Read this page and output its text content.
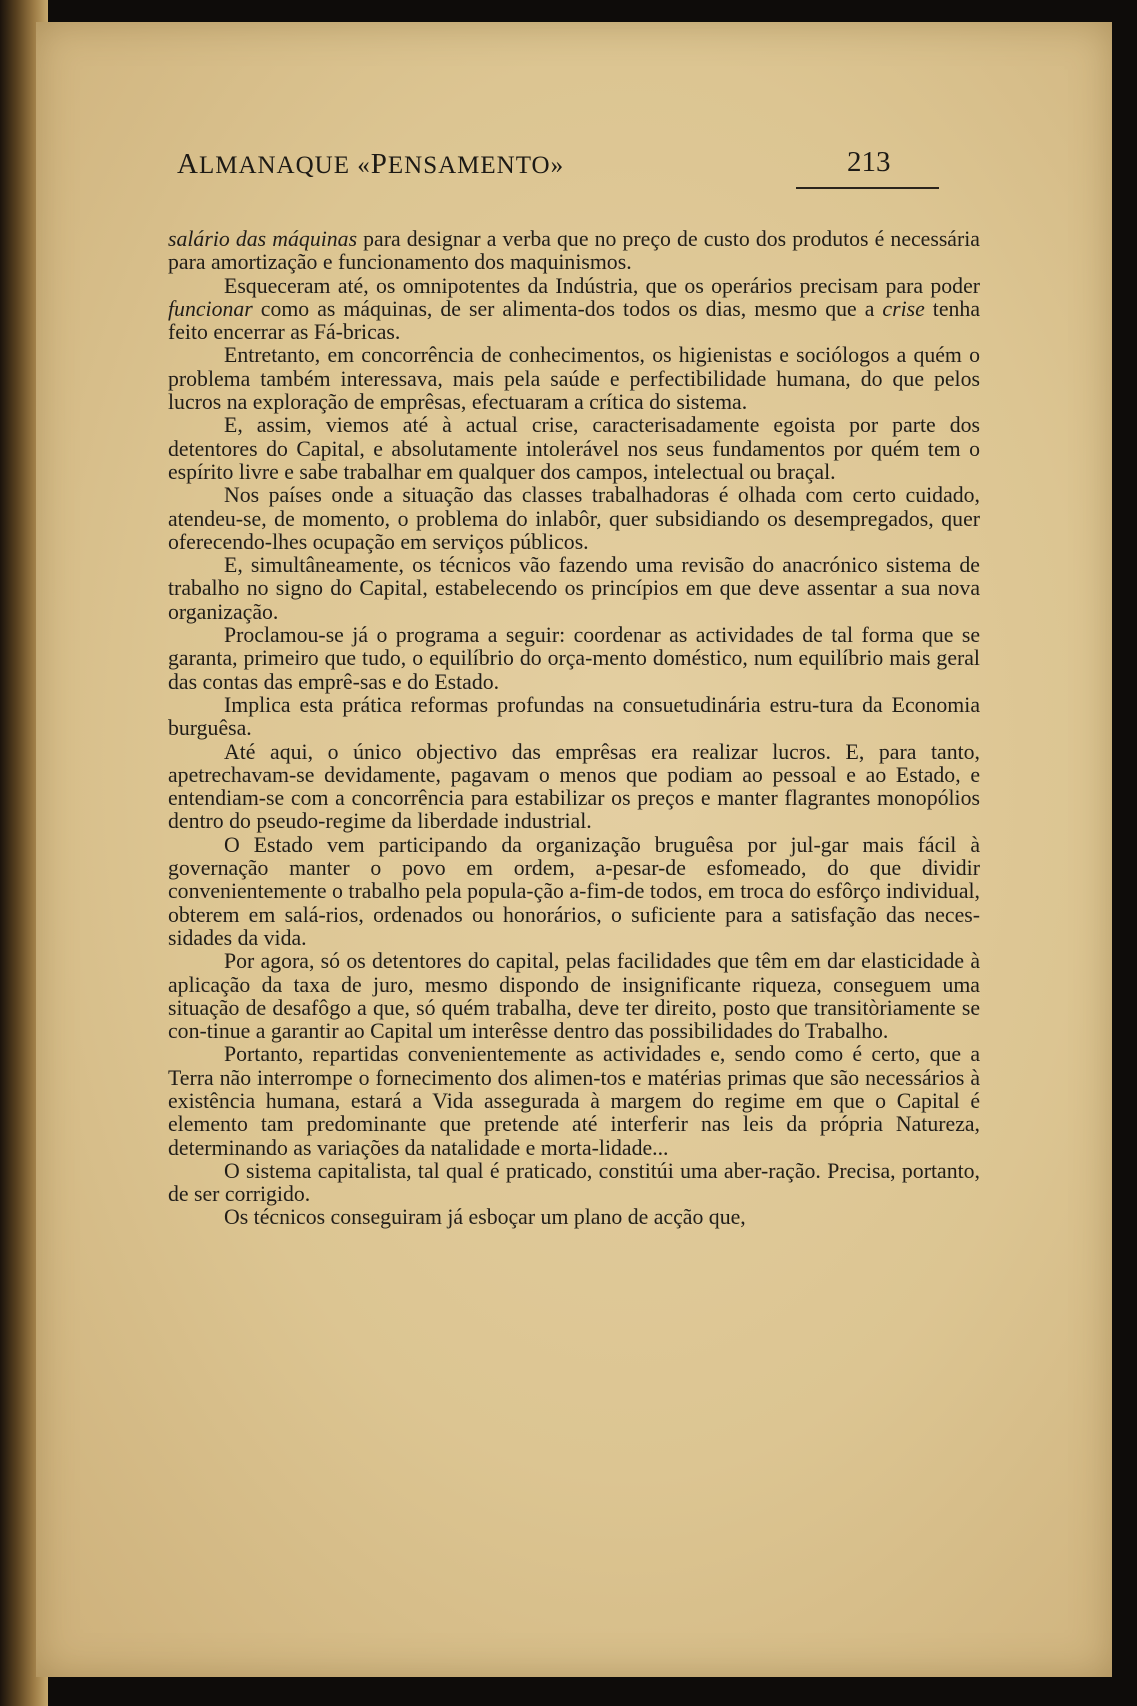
ALMANAQUE «PENSAMENTO»	213

salário das máquinas para designar a verba que no preço de custo dos produtos é necessária para amortização e funcionamento dos maquinismos.

Esqueceram até, os omnipotentes da Indústria, que os operários precisam para poder funcionar como as máquinas, de ser alimenta-dos todos os dias, mesmo que a crise tenha feito encerrar as Fá-bricas.

Entretanto, em concorrência de conhecimentos, os higienistas e sociólogos a quém o problema também interessava, mais pela saúde e perfectibilidade humana, do que pelos lucros na exploração de emprêsas, efectuaram a crítica do sistema.

E, assim, viemos até à actual crise, caracterisadamente egoista por parte dos detentores do Capital, e absolutamente intolerável nos seus fundamentos por quém tem o espírito livre e sabe trabalhar em qualquer dos campos, intelectual ou braçal.

Nos países onde a situação das classes trabalhadoras é olhada com certo cuidado, atendeu-se, de momento, o problema do inlabôr, quer subsidiando os desempregados, quer oferecendo-lhes ocupação em serviços públicos.

E, simultâneamente, os técnicos vão fazendo uma revisão do anacrónico sistema de trabalho no signo do Capital, estabelecendo os princípios em que deve assentar a sua nova organização.

Proclamou-se já o programa a seguir: coordenar as actividades de tal forma que se garanta, primeiro que tudo, o equilíbrio do orça-mento doméstico, num equilíbrio mais geral das contas das emprê-sas e do Estado.

Implica esta prática reformas profundas na consuetudinária estru-tura da Economia burguêsa.

Até aqui, o único objectivo das emprêsas era realizar lucros. E, para tanto, apetrechavam-se devidamente, pagavam o menos que podiam ao pessoal e ao Estado, e entendiam-se com a concorrência para estabilizar os preços e manter flagrantes monopólios dentro do pseudo-regime da liberdade industrial.

O Estado vem participando da organização bruguêsa por jul-gar mais fácil à governação manter o povo em ordem, a-pesar-de esfomeado, do que dividir convenientemente o trabalho pela popula-ção a-fim-de todos, em troca do esfôrço individual, obterem em salá-rios, ordenados ou honorários, o suficiente para a satisfação das neces-sidades da vida.

Por agora, só os detentores do capital, pelas facilidades que têm em dar elasticidade à aplicação da taxa de juro, mesmo dispondo de insignificante riqueza, conseguem uma situação de desafôgo a que, só quém trabalha, deve ter direito, posto que transitòriamente se con-tinue a garantir ao Capital um interêsse dentro das possibilidades do Trabalho.

Portanto, repartidas convenientemente as actividades e, sendo como é certo, que a Terra não interrompe o fornecimento dos alimen-tos e matérias primas que são necessários à existência humana, estará a Vida assegurada à margem do regime em que o Capital é elemento tam predominante que pretende até interferir nas leis da própria Natureza, determinando as variações da natalidade e morta-lidade...

O sistema capitalista, tal qual é praticado, constitúi uma aber-ração. Precisa, portanto, de ser corrigido.

Os técnicos conseguiram já esboçar um plano de acção que,
